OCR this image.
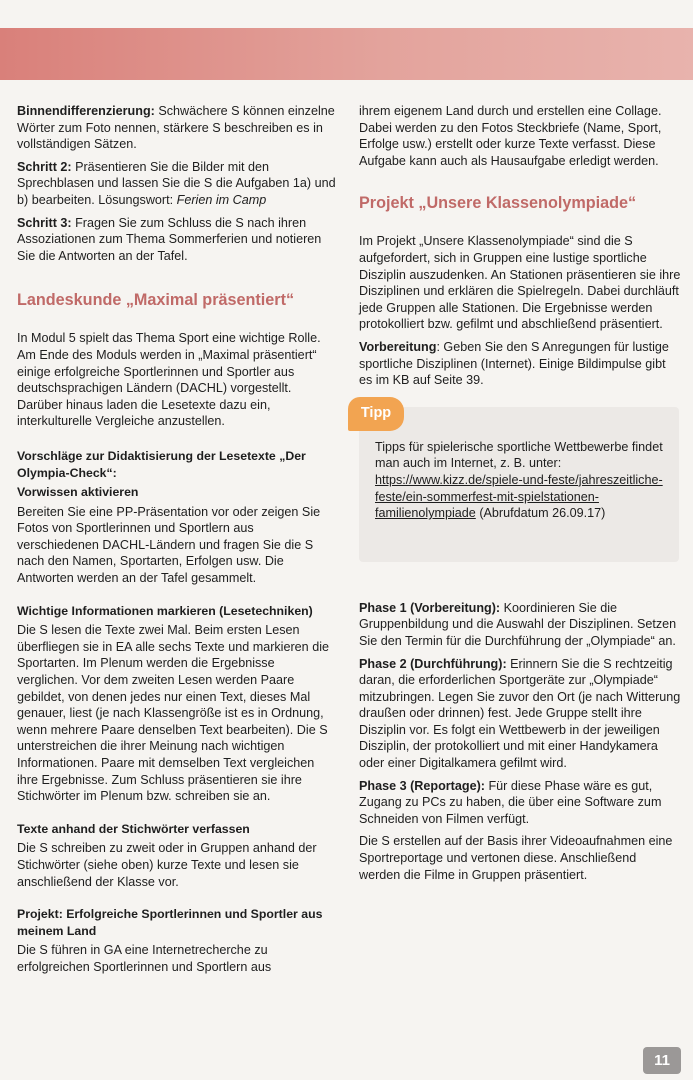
Binnendifferenzierung: Schwächere S können einzelne Wörter zum Foto nennen, stärkere S beschreiben es in vollständigen Sätzen.

Schritt 2: Präsentieren Sie die Bilder mit den Sprechblasen und lassen Sie die S die Aufgaben 1a) und b) bearbeiten. Lösungswort: Ferien im Camp

Schritt 3: Fragen Sie zum Schluss die S nach ihren Assoziationen zum Thema Sommerferien und notieren Sie die Antworten an der Tafel.

Landeskunde „Maximal präsentiert“

In Modul 5 spielt das Thema Sport eine wichtige Rolle. Am Ende des Moduls werden in „Maximal präsentiert“ einige erfolgreiche Sportlerinnen und Sportler aus deutschsprachigen Ländern (DACHL) vorgestellt. Darüber hinaus laden die Lesetexte dazu ein, interkulturelle Vergleiche anzustellen.

Vorschläge zur Didaktisierung der Lesetexte „Der Olympia-Check“:
Vorwissen aktivieren

Bereiten Sie eine PP-Präsentation vor oder zeigen Sie Fotos von Sportlerinnen und Sportlern aus verschiedenen DACHL-Ländern und fragen Sie die S nach den Namen, Sportarten, Erfolgen usw. Die Antworten werden an der Tafel gesammelt.

Wichtige Informationen markieren (Lesetechniken)

Die S lesen die Texte zwei Mal. Beim ersten Lesen überfliegen sie in EA alle sechs Texte und markieren die Sportarten. Im Plenum werden die Ergebnisse verglichen. Vor dem zweiten Lesen werden Paare gebildet, von denen jedes nur einen Text, dieses Mal genauer, liest (je nach Klassengröße ist es in Ordnung, wenn mehrere Paare denselben Text bearbeiten). Die S unterstreichen die ihrer Meinung nach wichtigen Informationen. Paare mit demselben Text vergleichen ihre Ergebnisse. Zum Schluss präsentieren sie ihre Stichwörter im Plenum bzw. schreiben sie an.

Texte anhand der Stichwörter verfassen

Die S schreiben zu zweit oder in Gruppen anhand der Stichwörter (siehe oben) kurze Texte und lesen sie anschließend der Klasse vor.

Projekt: Erfolgreiche Sportlerinnen und Sportler aus meinem Land

Die S führen in GA eine Internetrecherche zu erfolgreichen Sportlerinnen und Sportlern aus

ihrem eigenem Land durch und erstellen eine Collage. Dabei werden zu den Fotos Steckbriefe (Name, Sport, Erfolge usw.) erstellt oder kurze Texte verfasst. Diese Aufgabe kann auch als Hausaufgabe erledigt werden.

Projekt „Unsere Klassenolympiade“

Im Projekt „Unsere Klassenolympiade“ sind die S aufgefordert, sich in Gruppen eine lustige sportliche Disziplin auszudenken. An Stationen präsentieren sie ihre Disziplinen und erklären die Spielregeln. Dabei durchläuft jede Gruppen alle Stationen. Die Ergebnisse werden protokolliert bzw. gefilmt und abschließend präsentiert.

Vorbereitung: Geben Sie den S Anregungen für lustige sportliche Disziplinen (Internet). Einige Bildimpulse gibt es im KB auf Seite 39.

Tipp
Tipps für spielerische sportliche Wettbewerbe findet man auch im Internet, z. B. unter: https://www.kizz.de/spiele-und-feste/jahreszeitliche-feste/ein-sommerfest-mit-spielstationen-familienolympiade (Abrufdatum 26.09.17)

Phase 1 (Vorbereitung): Koordinieren Sie die Gruppenbildung und die Auswahl der Disziplinen. Setzen Sie den Termin für die Durchführung der „Olympiade“ an.

Phase 2 (Durchführung): Erinnern Sie die S rechtzeitig daran, die erforderlichen Sportgeräte zur „Olympiade“ mitzubringen. Legen Sie zuvor den Ort (je nach Witterung draußen oder drinnen) fest. Jede Gruppe stellt ihre Disziplin vor. Es folgt ein Wettbewerb in der jeweiligen Disziplin, der protokolliert und mit einer Handykamera oder einer Digitalkamera gefilmt wird.

Phase 3 (Reportage): Für diese Phase wäre es gut, Zugang zu PCs zu haben, die über eine Software zum Schneiden von Filmen verfügt.

Die S erstellen auf der Basis ihrer Videoaufnahmen eine Sportreportage und vertonen diese. Anschließend werden die Filme in Gruppen präsentiert.

11
